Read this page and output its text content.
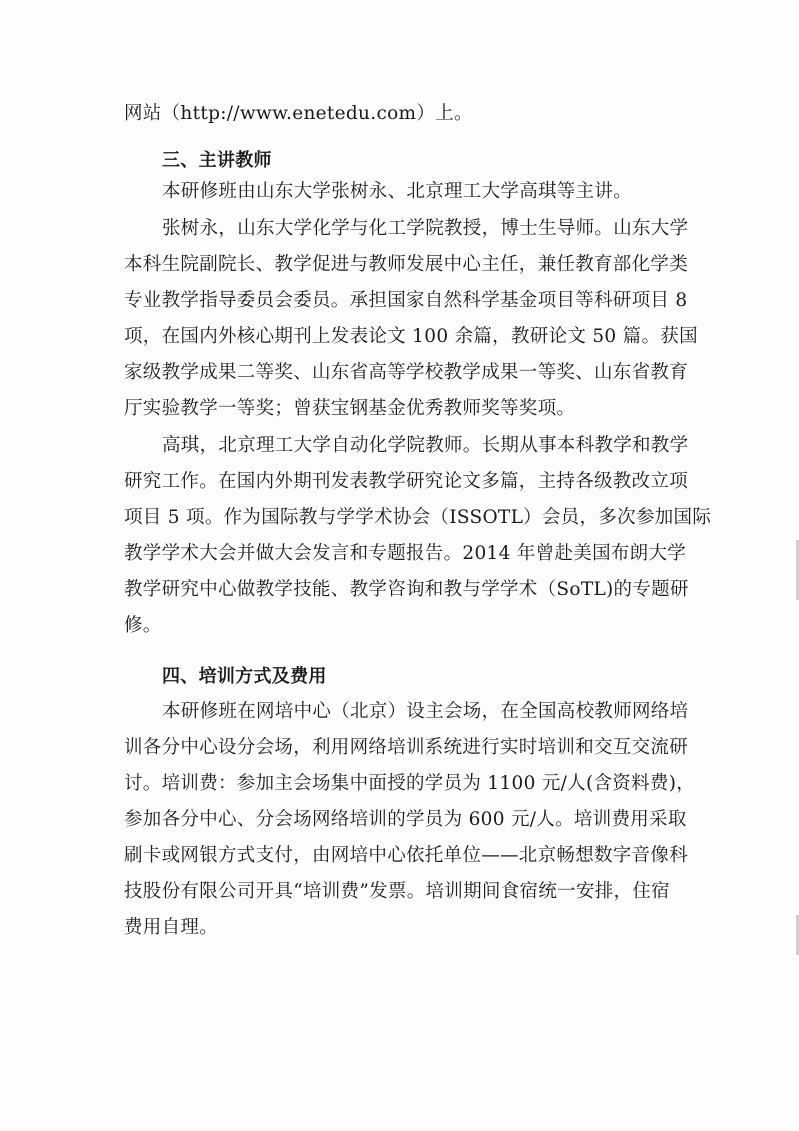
网站（http://www.enetedu.com）上。
三、主讲教师
本研修班由山东大学张树永、北京理工大学高琪等主讲。
张树永，山东大学化学与化工学院教授，博士生导师。山东大学
本科生院副院长、教学促进与教师发展中心主任，兼任教育部化学类
专业教学指导委员会委员。承担国家自然科学基金项目等科研项目 8
项，在国内外核心期刊上发表论文 100 余篇，教研论文 50 篇。获国
家级教学成果二等奖、山东省高等学校教学成果一等奖、山东省教育
厅实验教学一等奖；曾获宝钢基金优秀教师奖等奖项。
高琪，北京理工大学自动化学院教师。长期从事本科教学和教学
研究工作。在国内外期刊发表教学研究论文多篇，主持各级教改立项
项目 5 项。作为国际教与学学术协会（ISSOTL）会员，多次参加国际
教学学术大会并做大会发言和专题报告。2014 年曾赴美国布朗大学
教学研究中心做教学技能、教学咨询和教与学学术（SoTL)的专题研
修。
四、培训方式及费用
本研修班在网培中心（北京）设主会场，在全国高校教师网络培
训各分中心设分会场，利用网络培训系统进行实时培训和交互交流研
讨。培训费：参加主会场集中面授的学员为 1100 元/人(含资料费)，
参加各分中心、分会场网络培训的学员为 600 元/人。培训费用采取
刷卡或网银方式支付，由网培中心依托单位——北京畅想数字音像科
技股份有限公司开具“培训费”发票。培训期间食宿统一安排，住宿
费用自理。
